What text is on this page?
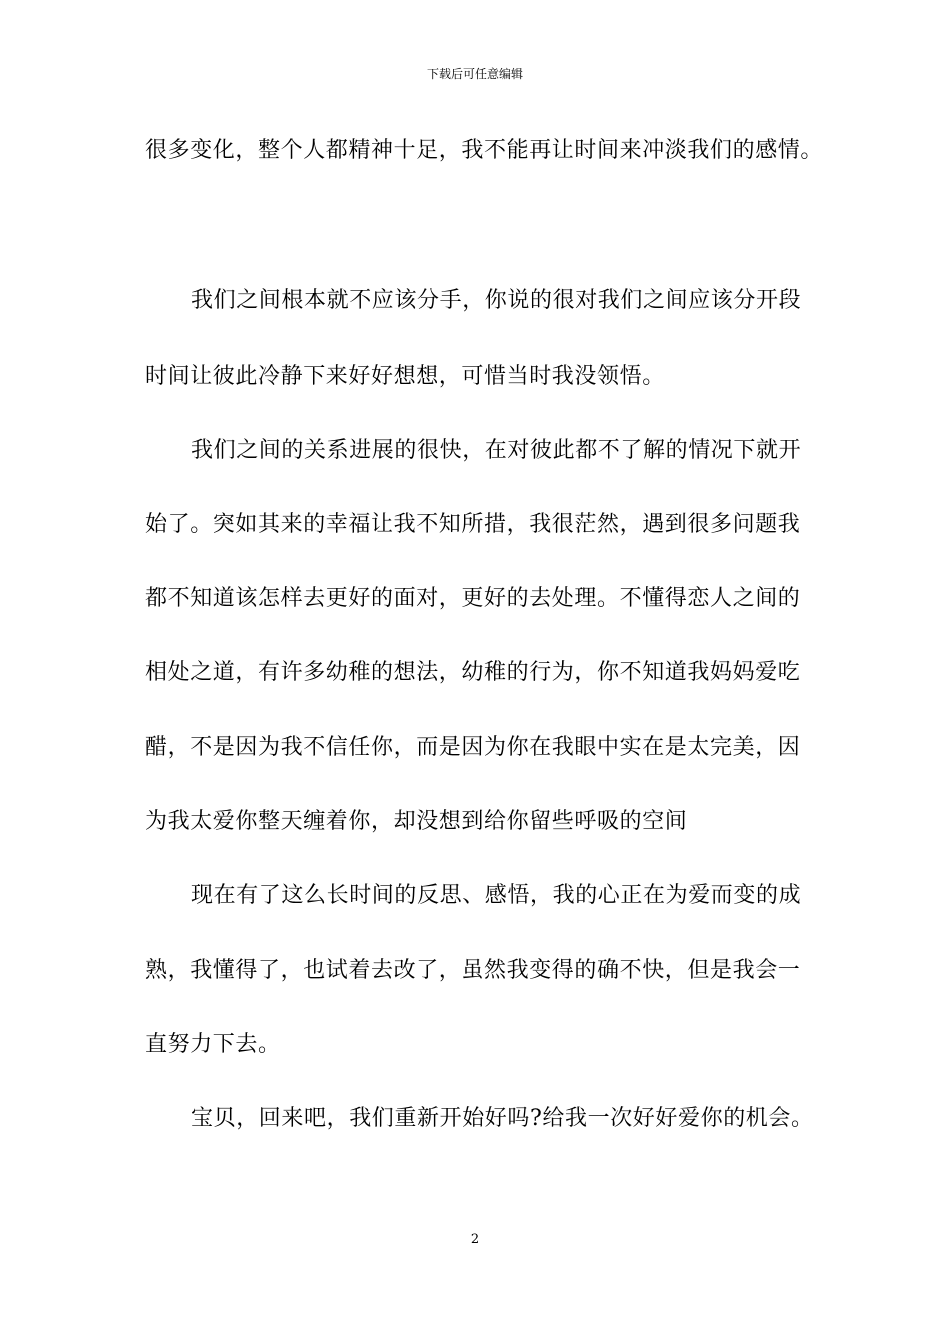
下载后可任意编辑
很多变化，整个人都精神十足，我不能再让时间来冲淡我们的感情。
我们之间根本就不应该分手，你说的很对我们之间应该分开段
时间让彼此冷静下来好好想想，可惜当时我没领悟。
我们之间的关系进展的很快，在对彼此都不了解的情况下就开
始了。突如其来的幸福让我不知所措，我很茫然，遇到很多问题我
都不知道该怎样去更好的面对，更好的去处理。不懂得恋人之间的
相处之道，有许多幼稚的想法，幼稚的行为，你不知道我妈妈爱吃
醋，不是因为我不信任你，而是因为你在我眼中实在是太完美，因
为我太爱你整天缠着你，却没想到给你留些呼吸的空间
现在有了这么长时间的反思、感悟，我的心正在为爱而变的成
熟，我懂得了，也试着去改了，虽然我变得的确不快，但是我会一
直努力下去。
宝贝，回来吧，我们重新开始好吗?给我一次好好爱你的机会。
2
